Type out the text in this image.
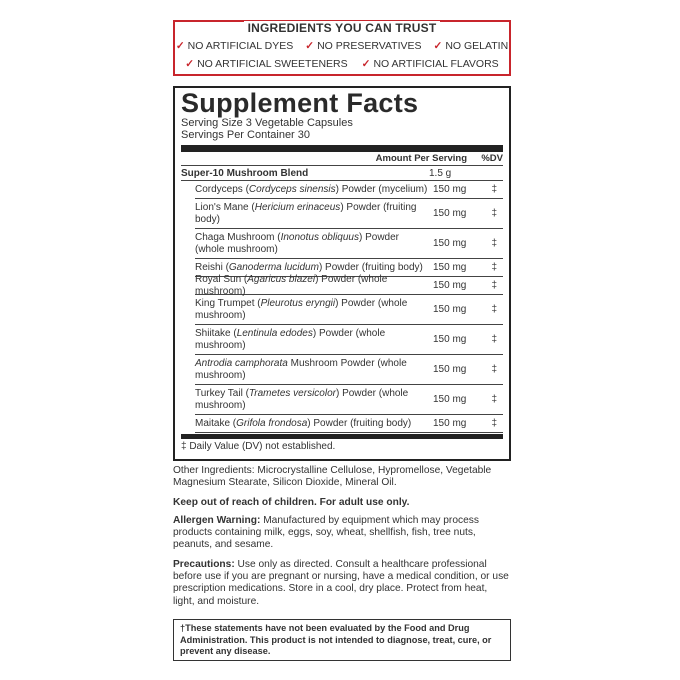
INGREDIENTS YOU CAN TRUST
✓ NO ARTIFICIAL DYES ✓ NO PRESERVATIVES ✓ NO GELATIN
✓ NO ARTIFICIAL SWEETENERS ✓ NO ARTIFICIAL FLAVORS
Supplement Facts
Serving Size 3 Vegetable Capsules
Servings Per Container 30
Amount Per Serving	%DV
Super-10 Mushroom Blend	1.5 g
Cordyceps (Cordyceps sinensis) Powder (mycelium) 150 mg	‡
Lion's Mane (Hericium erinaceus) Powder (fruiting body)
150 mg	‡
Chaga Mushroom (Inonotus obliquus) Powder (whole mushroom)
150 mg	‡
Reishi (Ganoderma lucidum) Powder (fruiting body)	150 mg	‡
Royal Sun (Agaricus blazei) Powder (whole mushroom)
150 mg	‡
King Trumpet (Pleurotus eryngii) Powder (whole mushroom)
150 mg	‡
Shiitake (Lentinula edodes) Powder (whole mushroom)
150 mg	‡
Antrodia camphorata Mushroom Powder (whole mushroom)
150 mg	‡
Turkey Tail (Trametes versicolor) Powder (whole mushroom)
150 mg	‡
Maitake (Grifola frondosa) Powder (fruiting body)	150 mg	‡
‡ Daily Value (DV) not established.
Other Ingredients: Microcrystalline Cellulose, Hypromellose, Vegetable Magnesium Stearate, Silicon Dioxide, Mineral Oil.
Keep out of reach of children. For adult use only.
Allergen Warning: Manufactured by equipment which may process products containing milk, eggs, soy, wheat, shellfish, fish, tree nuts, peanuts, and sesame.
Precautions: Use only as directed. Consult a healthcare professional before use if you are pregnant or nursing, have a medical condition, or use prescription medications. Store in a cool, dry place. Protect from heat, light, and moisture.
†These statements have not been evaluated by the Food and Drug Administration. This product is not intended to diagnose, treat, cure, or prevent any disease.
